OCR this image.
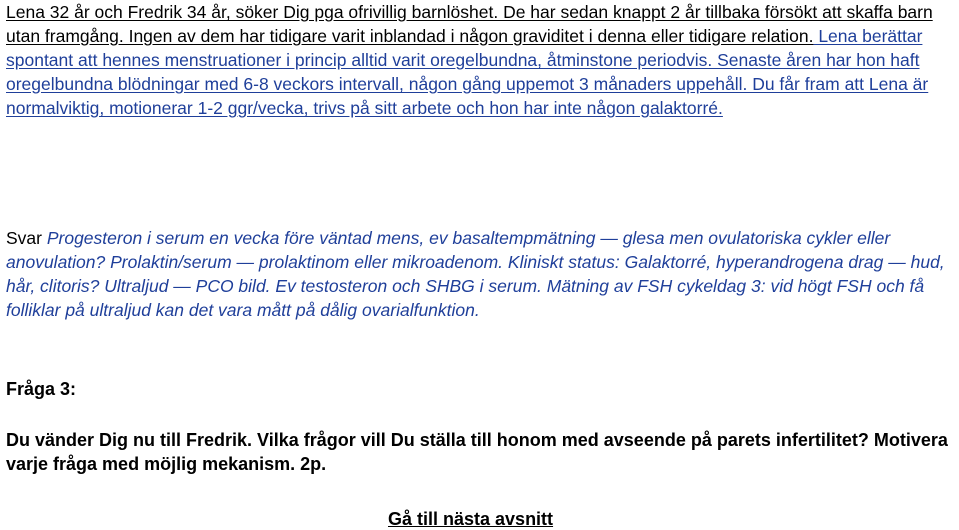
Lena 32 år och Fredrik 34 år, söker Dig pga ofrivillig barnlöshet. De har sedan knappt 2 år tillbaka försökt att skaffa barn utan framgång. Ingen av dem har tidigare varit inblandad i någon graviditet i denna eller tidigare relation. Lena berättar spontant att hennes menstruationer i princip alltid varit oregelbundna, åtminstone periodvis. Senaste åren har hon haft oregelbundna blödningar med 6-8 veckors intervall, någon gång uppemot 3 månaders uppehåll. Du får fram att Lena är normalviktig, motionerar 1-2 ggr/vecka, trivs på sitt arbete och hon har inte någon galaktorré.
Svar Progesteron i serum en vecka före väntad mens, ev basaltempmätning — glesa men ovulatoriska cykler eller anovulation? Prolaktin/serum — prolaktinom eller mikroadenom. Kliniskt status: Galaktorré, hyperandrogena drag — hud, hår, clitoris? Ultraljud — PCO bild. Ev testosteron och SHBG i serum. Mätning av FSH cykeldag 3: vid högt FSH och få folliklar på ultraljud kan det vara mått på dålig ovarialfunktion.
Fråga 3:
Du vänder Dig nu till Fredrik. Vilka frågor vill Du ställa till honom med avseende på parets infertilitet? Motivera varje fråga med möjlig mekanism. 2p.
Gå till nästa avsnitt
